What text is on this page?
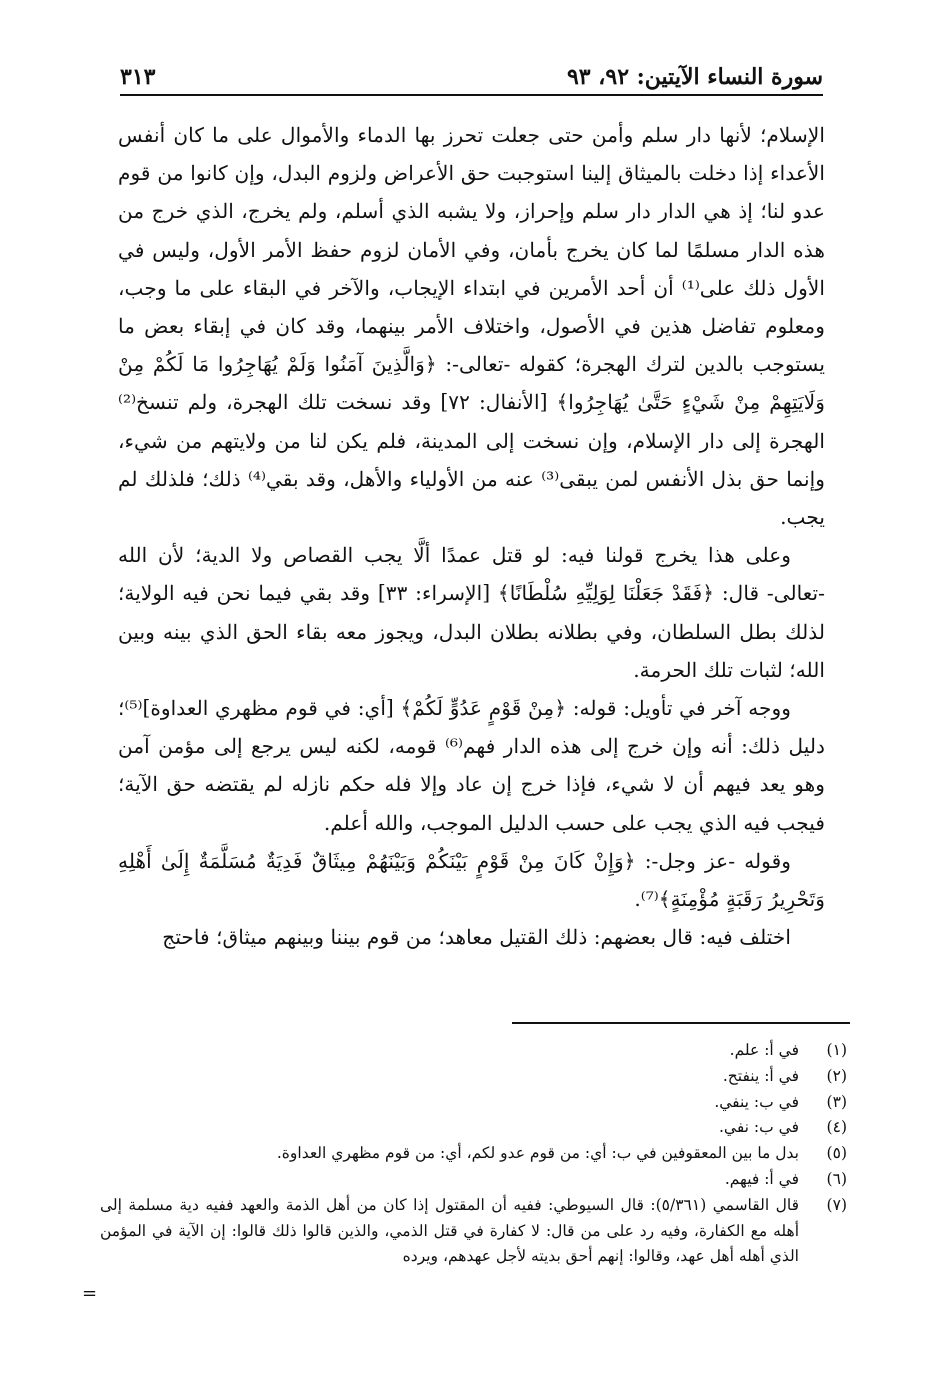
٣١٣	سورة النساء الآيتين: ٩٢، ٩٣

الإسلام؛ لأنها دار سلم وأمن حتى جعلت تحرز بها الدماء والأموال على ما كان أنفس الأعداء إذا دخلت بالميثاق إلينا استوجبت حق الأعراض ولزوم البدل، وإن كانوا من قوم عدو لنا؛ إذ هي الدار دار سلم وإحراز، ولا يشبه الذي أسلم، ولم يخرج، الذي خرج من هذه الدار مسلمًا لما كان يخرج بأمان، وفي الأمان لزوم حفظ الأمر الأول، وليس في الأول ذلك على⁽¹⁾ أن أحد الأمرين في ابتداء الإيجاب، والآخر في البقاء على ما وجب، ومعلوم تفاضل هذين في الأصول، واختلاف الأمر بينهما، وقد كان في إبقاء بعض ما يستوجب بالدين لترك الهجرة؛ كقوله -تعالى-: ﴿وَالَّذِينَ آمَنُوا وَلَمْ يُهَاجِرُوا مَا لَكُمْ مِنْ وَلَايَتِهِمْ مِنْ شَيْءٍ حَتَّىٰ يُهَاجِرُوا﴾ [الأنفال: ٧٢] وقد نسخت تلك الهجرة، ولم تنسخ⁽²⁾ الهجرة إلى دار الإسلام، وإن نسخت إلى المدينة، فلم يكن لنا من ولايتهم من شيء، وإنما حق بذل الأنفس لمن يبقى⁽³⁾ عنه من الأولياء والأهل، وقد بقي⁽⁴⁾ ذلك؛ فلذلك لم يجب.

وعلى هذا يخرج قولنا فيه: لو قتل عمدًا ألَّا يجب القصاص ولا الدية؛ لأن الله -تعالى- قال: ﴿فَقَدْ جَعَلْنَا لِوَلِيِّهِ سُلْطَانًا﴾ [الإسراء: ٣٣] وقد بقي فيما نحن فيه الولاية؛ لذلك بطل السلطان، وفي بطلانه بطلان البدل، ويجوز معه بقاء الحق الذي بينه وبين الله؛ لثبات تلك الحرمة.

ووجه آخر في تأويل: قوله: ﴿مِنْ قَوْمٍ عَدُوٍّ لَكُمْ﴾ [أي: في قوم مظهري العداوة]⁽⁵⁾؛ دليل ذلك: أنه وإن خرج إلى هذه الدار فهم⁽⁶⁾ قومه، لكنه ليس يرجع إلى مؤمن آمن وهو يعد فيهم أن لا شيء، فإذا خرج إن عاد وإلا فله حكم نازله لم يقتضه حق الآية؛ فيجب فيه الذي يجب على حسب الدليل الموجب، والله أعلم.

وقوله -عز وجل-: ﴿وَإِنْ كَانَ مِنْ قَوْمٍ بَيْنَكُمْ وَبَيْنَهُمْ مِيثَاقٌ فَدِيَةٌ مُسَلَّمَةٌ إِلَىٰ أَهْلِهِ وَتَحْرِيرُ رَقَبَةٍ مُؤْمِنَةٍ﴾⁽⁷⁾.

اختلف فيه: قال بعضهم: ذلك القتيل معاهد؛ من قوم بيننا وبينهم ميثاق؛ فاحتج

(١)
في أ: علم.
(٢)
في أ: ينفتح.
(٣)
في ب: ينفي.
(٤)
في ب: نفي.
(٥)
بدل ما بين المعقوفين في ب: أي: من قوم عدو لكم، أي: من قوم مظهري العداوة.
(٦)
في أ: فيهم.
(٧)
قال القاسمي (٥/٣٦١): قال السيوطي: ففيه أن المقتول إذا كان من أهل الذمة والعهد ففيه دية مسلمة إلى أهله مع الكفارة، وفيه رد على من قال: لا كفارة في قتل الذمي، والذين قالوا ذلك قالوا: إن الآية في المؤمن الذي أهله أهل عهد، وقالوا: إنهم أحق بديته لأجل عهدهم، ويرده
=
